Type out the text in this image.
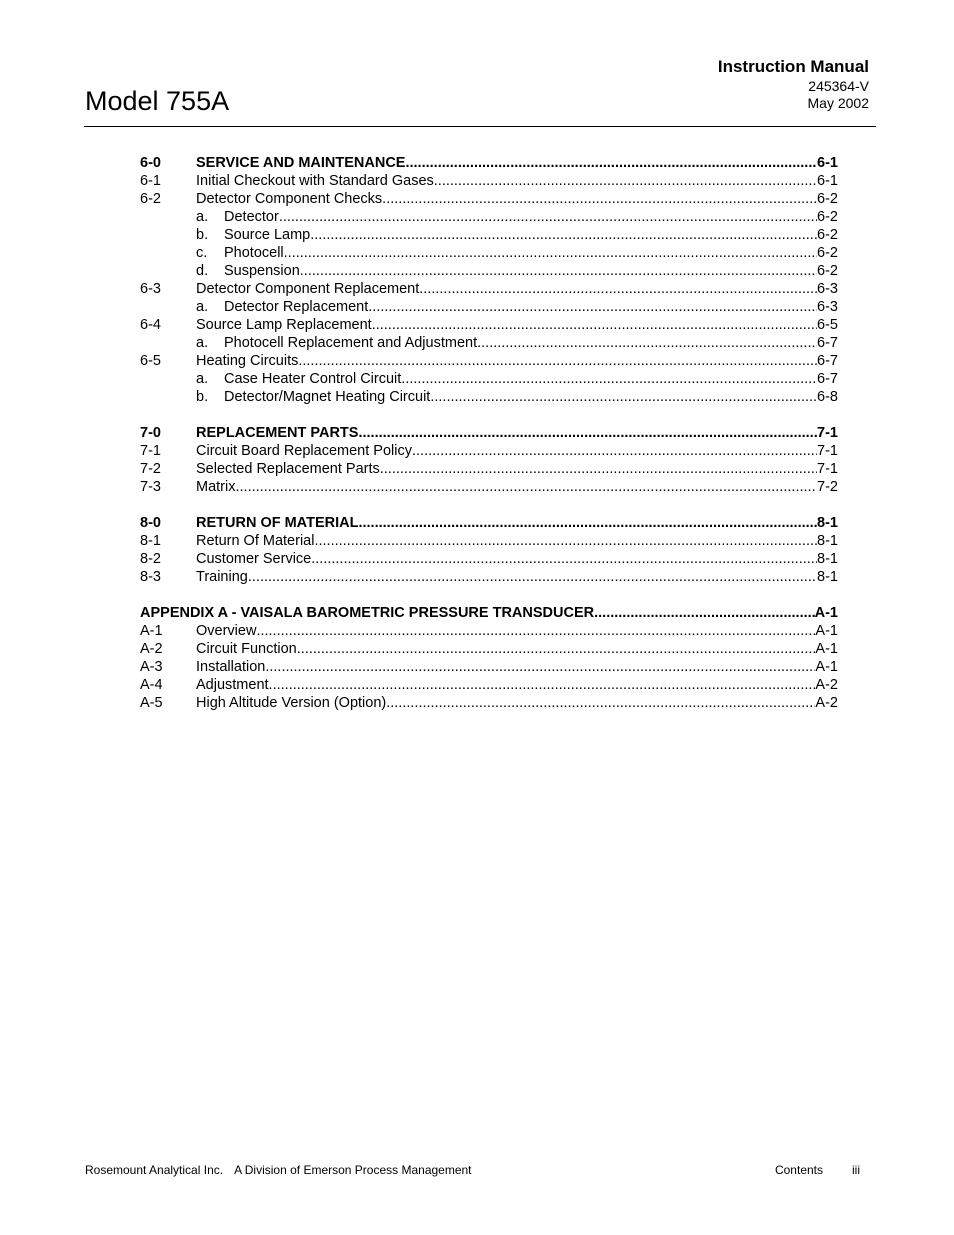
Model 755A
Instruction Manual
245364-V
May 2002
6-0 SERVICE AND MAINTENANCE .....	6-1
6-1 Initial Checkout with Standard Gases .....	6-1
6-2 Detector Component Checks .....	6-2
a.	Detector .....	6-2
b.	Source Lamp .....	6-2
c.	Photocell .....	6-2
d.	Suspension .....	6-2
6-3 Detector Component Replacement .....	6-3
a.	Detector Replacement .....	6-3
6-4 Source Lamp Replacement .....	6-5
a.	Photocell Replacement and Adjustment .....	6-7
6-5 Heating Circuits .....	6-7
a.	Case Heater Control Circuit .....	6-7
b.	Detector/Magnet Heating Circuit .....	6-8
7-0 REPLACEMENT PARTS .....	7-1
7-1 Circuit Board Replacement Policy .....	7-1
7-2 Selected Replacement Parts .....	7-1
7-3 Matrix .....	7-2
8-0 RETURN OF MATERIAL .....	8-1
8-1 Return Of Material .....	8-1
8-2 Customer Service .....	8-1
8-3 Training .....	8-1
APPENDIX A - VAISALA BAROMETRIC PRESSURE TRANSDUCER .....	A-1
A-1 Overview .....	A-1
A-2 Circuit Function .....	A-1
A-3 Installation .....	A-1
A-4 Adjustment .....	A-2
A-5 High Altitude Version (Option) .....	A-2
Rosemount Analytical Inc. A Division of Emerson Process Management	Contents iii
